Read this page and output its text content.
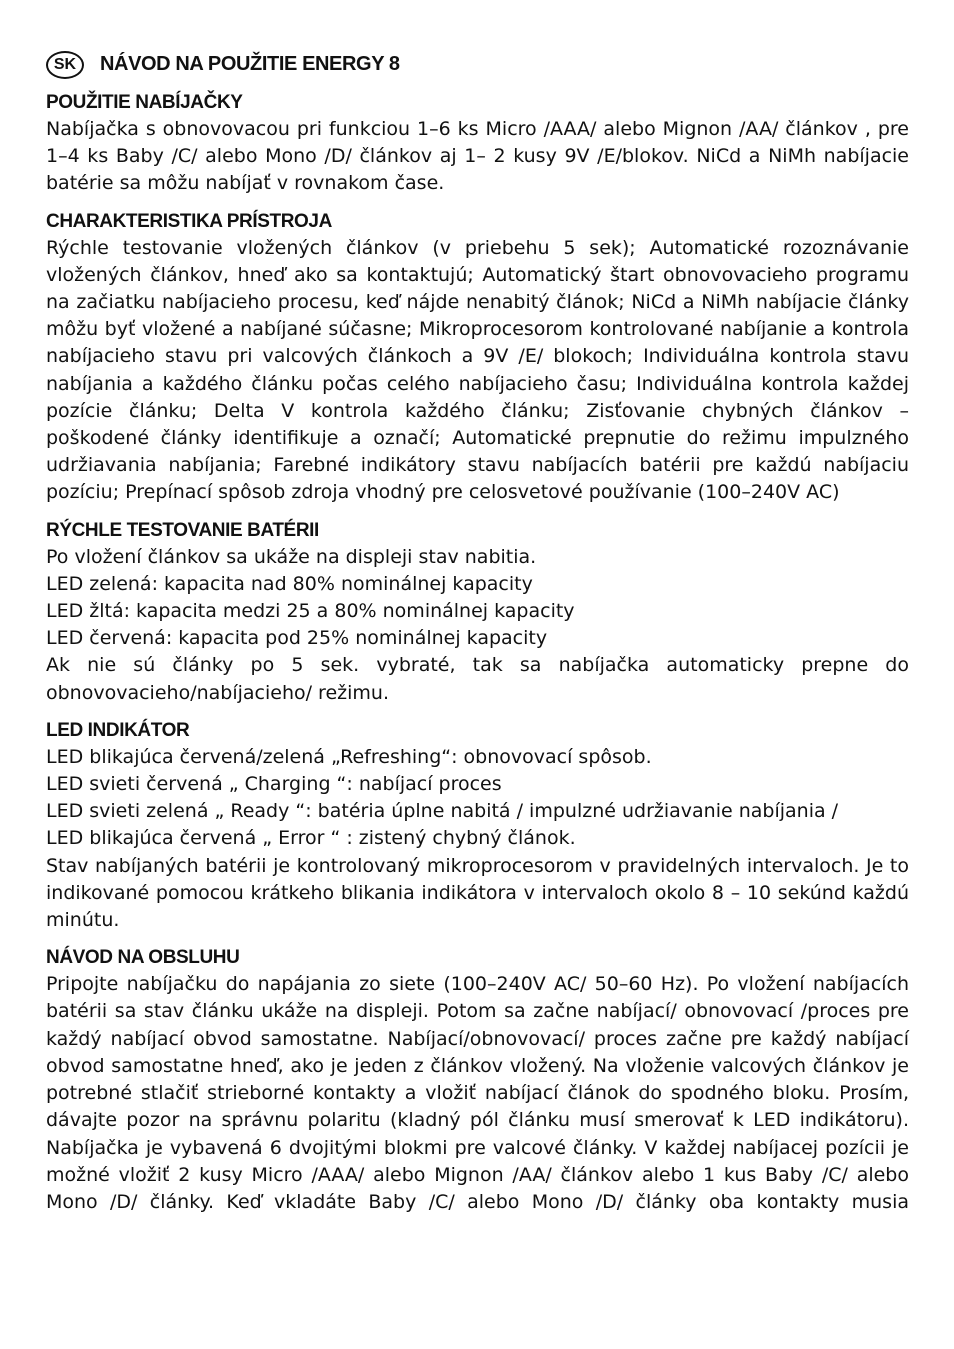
SK	NÁVOD NA POUŽITIE ENERGY 8
POUŽITIE NABÍJAČKY

Nabíjačka s obnovovacou pri funkciou 1–6 ks Micro /AAA/ alebo Mignon /AA/ článkov , pre 1–4 ks Baby /C/ alebo Mono /D/ článkov aj 1– 2 kusy 9V /E/blokov. NiCd a NiMh nabíjacie batérie sa môžu nabíjať v rovnakom čase.

CHARAKTERISTIKA PRÍSTROJA

Rýchle testovanie vložených článkov (v priebehu 5 sek); Automatické rozoznávanie vložených článkov, hneď ako sa kontaktujú; Automatický štart obnovovacieho programu na začiatku nabíjacieho procesu, keď nájde nenabitý článok; NiCd a NiMh nabíjacie články môžu byť vložené a nabíjané súčasne; Mikroprocesorom kontrolované nabíjanie a kontrola nabíjacieho stavu pri valcových článkoch a 9V /E/ blokoch; Individuálna kontrola stavu nabíjania a každého článku počas celého nabíjacieho času; Individuálna kontrola každej pozície článku; Delta V kontrola každého článku; Zisťovanie chybných článkov – poškodené články identifikuje a označí; Automatické prepnutie do režimu impulzného udržiavania nabíjania; Farebné indikátory stavu nabíjacích batérii pre každú nabíjaciu pozíciu; Prepínací spôsob zdroja vhodný pre celosvetové používanie (100–240V AC)

RÝCHLE TESTOVANIE BATÉRII
Po vložení článkov sa ukáže na displeji stav nabitia.
LED zelená: kapacita nad 80% nominálnej kapacity
LED žltá: kapacita medzi 25 a 80% nominálnej kapacity
LED červená: kapacita pod 25% nominálnej kapacity

Ak nie sú články po 5 sek. vybraté, tak sa nabíjačka automaticky prepne do obnovovacieho/nabíjacieho/ režimu.

LED INDIKÁTOR
LED blikajúca červená/zelená „Refreshing“: obnovovací spôsob.
LED svieti červená „ Charging “: nabíjací proces

LED svieti zelená „ Ready “: batéria úplne nabitá / impulzné udržiavanie nabíjania /

LED blikajúca červená „ Error “ : zistený chybný článok.

Stav nabíjaných batérii je kontrolovaný mikroprocesorom v pravidelných intervaloch. Je to indikované pomocou krátkeho blikania indikátora v intervaloch okolo 8 – 10 sekúnd každú minútu.

NÁVOD NA OBSLUHU

Pripojte nabíjačku do napájania zo siete (100–240V AC/ 50–60 Hz). Po vložení nabíjacích batérii sa stav článku ukáže na displeji. Potom sa začne nabíjací/ obnovovací /proces pre každý nabíjací obvod samostatne. Nabíjací/obnovovací/ proces začne pre každý nabíjací obvod samostatne hneď, ako je jeden z článkov vložený. Na vloženie valcových článkov je potrebné stlačiť strieborné kontakty a vložiť nabíjací článok do spodného bloku. Prosím, dávajte pozor na správnu polaritu (kladný pól článku musí smerovať k LED indikátoru). Nabíjačka je vybavená 6 dvojitými blokmi pre valcové články. V každej nabíjacej pozícii je možné vložiť 2 kusy Micro /AAA/ alebo Mignon /AA/ článkov alebo 1 kus Baby /C/ alebo Mono /D/ články. Keď vkladáte Baby /C/ alebo Mono /D/ články oba kontakty musia
